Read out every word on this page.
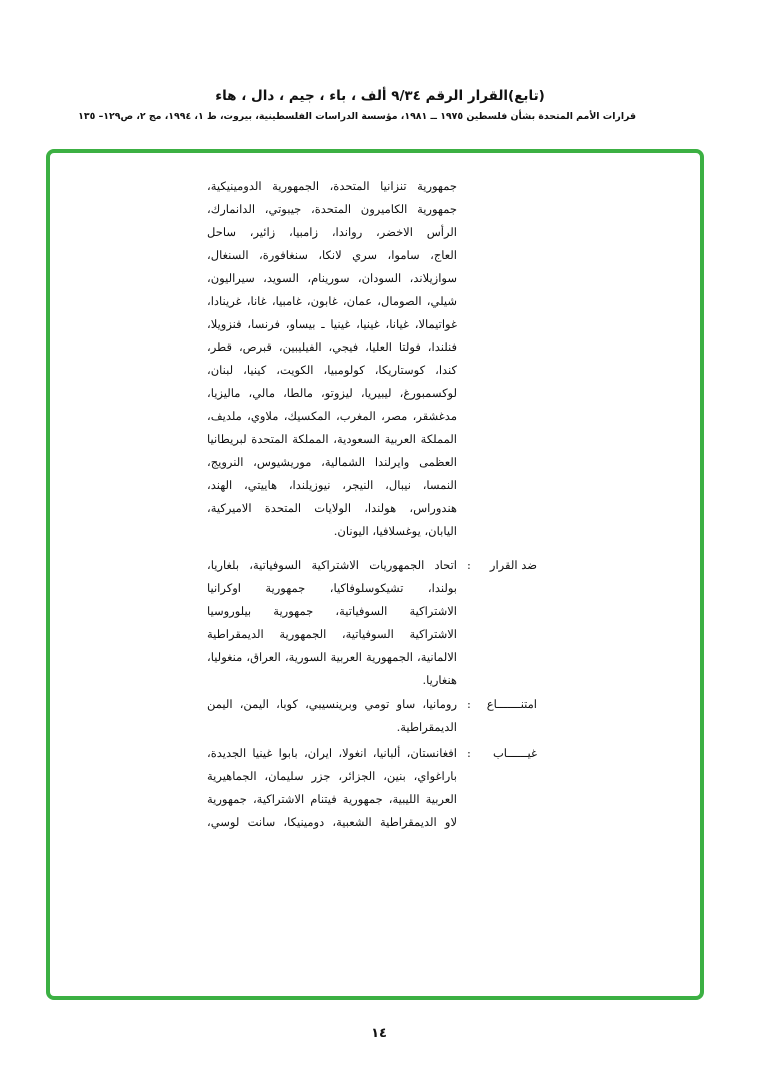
(تابع)القرار الرقم ٩/٣٤ ألف ، باء ، جيم ، دال ، هاء
قرارات الأمم المتحدة بشأن فلسطين ١٩٧٥ ــ ١٩٨١، مؤسسة الدراسات الفلسطينية، بيروت، ط ١، ١٩٩٤، مج ٢، ص١٢٩– ١٣٥
جمهورية تنزانيا المتحدة، الجمهورية الدومينيكية،
جمهورية الكاميرون المتحدة، جيبوتي، الدانمارك،
الرأس الاخضر، رواندا، زامبيا، زائير، ساحل
العاج، ساموا، سري لانكا، سنغافورة، السنغال،
سوازيلاند، السودان، سورينام، السويد، سيراليون،
شيلي، الصومال، عمان، غابون، غامبيا، غانا، غرينادا،
غواتيمالا، غيانا، غينيا، غينيا ـ بيساو، فرنسا، فنزويلا،
فنلندا، فولتا العليا، فيجي، الفيليبين، قبرص، قطر،
كندا، كوستاريكا، كولومبيا، الكويت، كينيا، لبنان،
لوكسمبورغ، ليبيريا، ليزوتو، مالطا، مالي، ماليزيا،
مدغشقر، مصر، المغرب، المكسيك، ملاوي، ملديف،
المملكة العربية السعودية، المملكة المتحدة لبريطانيا
العظمى وايرلندا الشمالية، موريشيوس، النرويج،
النمسا، نيبال، النيجر، نيوزيلندا، هاييتي، الهند،
هندوراس، هولندا، الولايات المتحدة الاميركية،
اليابان، يوغسلافيا، اليونان.
ضد القرار
:
اتحاد الجمهوريات الاشتراكية السوفياتية، بلغاريا،
بولندا، تشيكوسلوفاكيا، جمهورية اوكرانيا
الاشتراكية السوفياتية، جمهورية بيلوروسيا
الاشتراكية السوفياتية، الجمهورية الديمقراطية
الالمانية، الجمهورية العربية السورية، العراق، منغوليا،
هنغاريا.
امتنـــــــاع
:
رومانيا، ساو تومي وبرينسيبي، كوبا، اليمن، اليمن
الديمقراطية.
غيــــــاب
:
افغانستان، ألبانيا، انغولا، ايران، بابوا غينيا الجديدة،
باراغواي، بنين، الجزائر، جزر سليمان، الجماهيرية
العربية الليبية، جمهورية فيتنام الاشتراكية، جمهورية
لاو الديمقراطية الشعبية، دومينيكا، سانت لوسي،
١٤
